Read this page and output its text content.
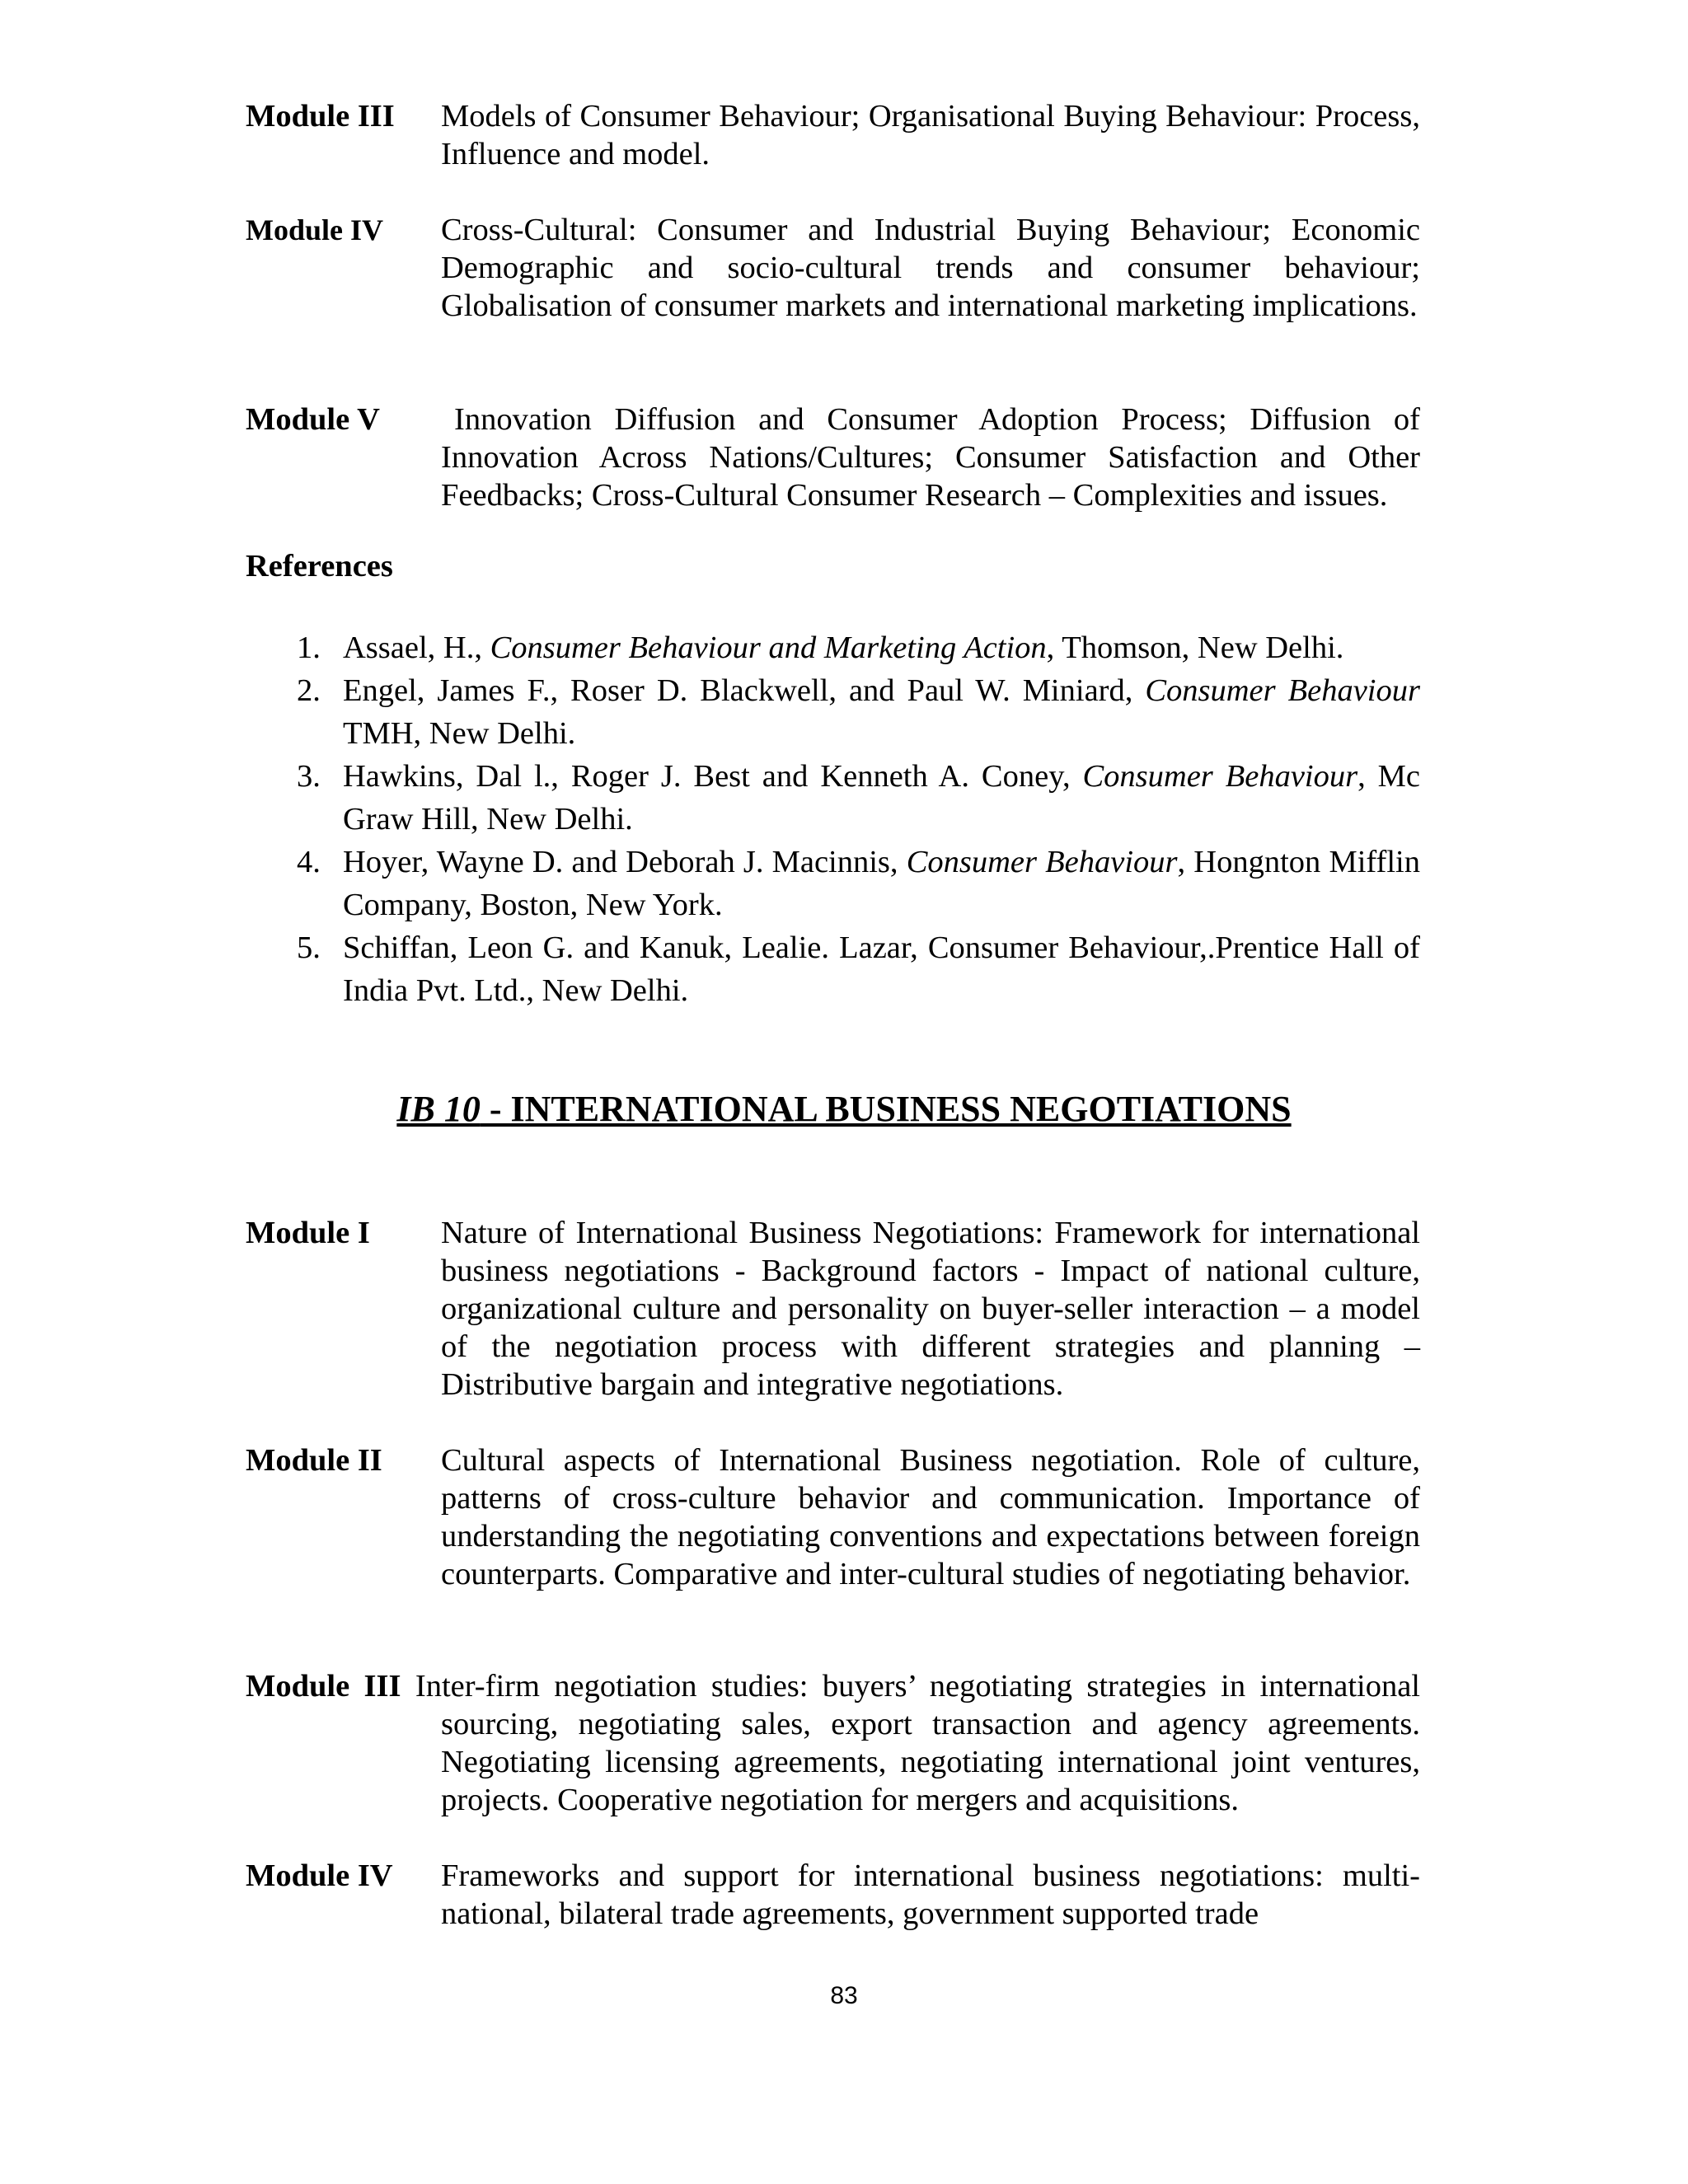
Module III Models of Consumer Behaviour; Organisational Buying Behaviour: Process, Influence and model.
Module IV Cross-Cultural: Consumer and Industrial Buying Behaviour; Economic Demographic and socio-cultural trends and consumer behaviour; Globalisation of consumer markets and international marketing implications.
Module V	Innovation Diffusion and Consumer Adoption Process; Diffusion of Innovation Across Nations/Cultures; Consumer Satisfaction and Other Feedbacks; Cross-Cultural Consumer Research – Complexities and issues.
References
1. Assael, H., Consumer Behaviour and Marketing Action, Thomson, New Delhi.
2. Engel, James F., Roser D. Blackwell, and Paul W. Miniard, Consumer Behaviour TMH, New Delhi.
3. Hawkins, Dal l., Roger J. Best and Kenneth A. Coney, Consumer Behaviour, Mc Graw Hill, New Delhi.
4. Hoyer, Wayne D. and Deborah J. Macinnis, Consumer Behaviour, Hongnton Mifflin Company, Boston, New York.
5. Schiffan, Leon G. and Kanuk, Lealie. Lazar, Consumer Behaviour,.Prentice Hall of India Pvt. Ltd., New Delhi.
IB 10 - INTERNATIONAL BUSINESS NEGOTIATIONS
Module I Nature of International Business Negotiations: Framework for international business negotiations - Background factors - Impact of national culture, organizational culture and personality on buyer-seller interaction – a model of the negotiation process with different strategies and planning – Distributive bargain and integrative negotiations.
Module II Cultural aspects of International Business negotiation. Role of culture, patterns of cross-culture behavior and communication. Importance of understanding the negotiating conventions and expectations between foreign counterparts. Comparative and inter-cultural studies of negotiating behavior.
Module III Inter-firm negotiation studies: buyers’ negotiating strategies in international sourcing, negotiating sales, export transaction and agency agreements. Negotiating licensing agreements, negotiating international joint ventures, projects. Cooperative negotiation for mergers and acquisitions.
Module IV Frameworks and support for international business negotiations: multi-national, bilateral trade agreements, government supported trade
83
